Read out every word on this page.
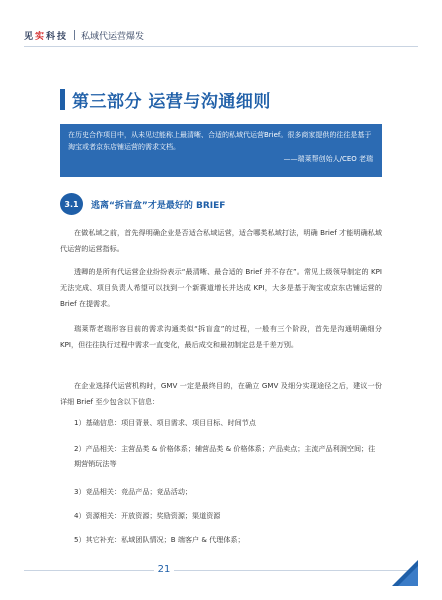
见实科技 私域代运营爆发
第三部分 运营与沟通细则

在历史合作项目中，从未见过能称上最清晰、合适的私域代运营Brief。很多商家提供的往往是基于淘宝或者京东店铺运营的需求文档。

——瑞莱帮创始人/CEO 老瑞

3.1	逃离“拆盲盒”才是最好的 BRIEF

在做私域之前，首先得明确企业是否适合私域运营，适合哪类私域打法，明确 Brief 才能明确私域代运营的运营指标。

透卿的是所有代运营企业纷纷表示“最清晰、最合适的 Brief 并不存在”。常见上级领导制定的 KPI 无法完成、项目负责人希望可以找到一个新赛道增长并达成 KPI，大多是基于淘宝或京东店铺运营的 Brief 在提需求。

瑞莱帮老瑞形容目前的需求沟通类似“拆盲盒”的过程，一般有三个阶段，首先是沟通明确细分 KPI，但往往执行过程中需求一直变化，最后成交和最初制定总是千差万别。

在企业选择代运营机构时，GMV 一定是最终目的，在确立 GMV 及细分实现途径之后，建议一份详细 Brief 至少包含以下信息：

1）基础信息：项目背景、项目需求、项目目标、时间节点

2）产品相关：主营品类 & 价格体系；辅营品类 & 价格体系；产品卖点；主流产品利润空间；往期营销玩法等

3）竞品相关：竞品产品；竞品活动；

4）资源相关：开放资源；奖励资源；渠道资源

5）其它补充：私域团队情况；B 端客户 & 代理体系；

21
